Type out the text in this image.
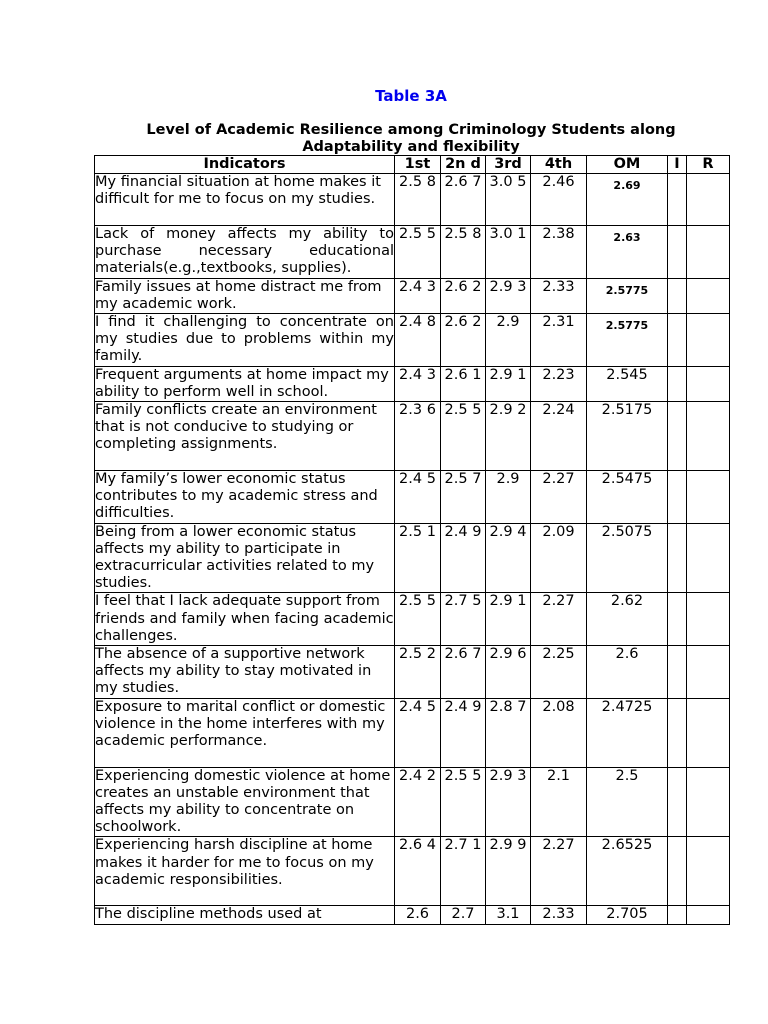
Table 3A
Level of Academic Resilience among Criminology Students along Adaptability and flexibility
Indicators	1st	2n d	3rd	4th	OM	I	R
My financial situation at home makes it difficult for me to focus on my studies.	2.5 8	2.6 7	3.0 5	2.46	2.69		
Lack of money affects my ability to purchase necessary educational materials(e.g.,textbooks, supplies).	2.5 5	2.5 8	3.0 1	2.38	2.63		
Family issues at home distract me from my academic work.	2.4 3	2.6 2	2.9 3	2.33	2.5775		
I find it challenging to concentrate on my studies due to problems within my family.	2.4 8	2.6 2	2.9	2.31	2.5775		
Frequent arguments at home impact my ability to perform well in school.	2.4 3	2.6 1	2.9 1	2.23	2.545		
Family conflicts create an environment that is not conducive to studying or completing assignments.	2.3 6	2.5 5	2.9 2	2.24	2.5175		
My family’s lower economic status contributes to my academic stress and difficulties.	2.4 5	2.5 7	2.9	2.27	2.5475		
Being from a lower economic status affects my ability to participate in extracurricular activities related to my studies.	2.5 1	2.4 9	2.9 4	2.09	2.5075		
I feel that I lack adequate support from friends and family when facing academic challenges.	2.5 5	2.7 5	2.9 1	2.27	2.62		
The absence of a supportive network affects my ability to stay motivated in my studies.	2.5 2	2.6 7	2.9 6	2.25	2.6		
Exposure to marital conflict or domestic violence in the home interferes with my academic performance.	2.4 5	2.4 9	2.8 7	2.08	2.4725		
Experiencing domestic violence at home creates an unstable environment that affects my ability to concentrate on schoolwork.	2.4 2	2.5 5	2.9 3	2.1	2.5		
Experiencing harsh discipline at home makes it harder for me to focus on my academic responsibilities.	2.6 4	2.7 1	2.9 9	2.27	2.6525		
The discipline methods used at	2.6	2.7	3.1	2.33	2.705		
